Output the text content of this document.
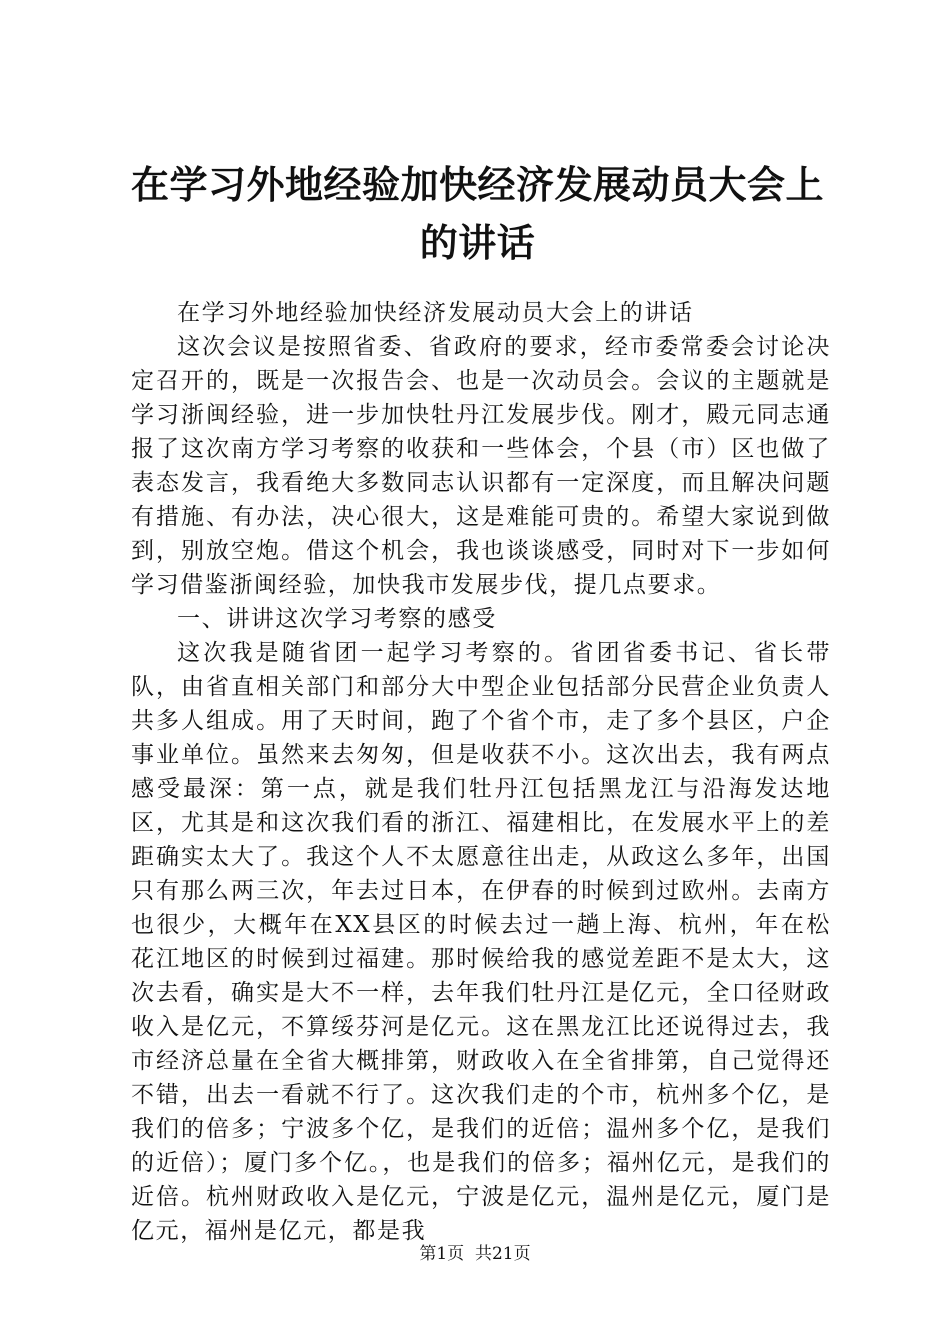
在学习外地经验加快经济发展动员大会上的讲话

在学习外地经验加快经济发展动员大会上的讲话

这次会议是按照省委、省政府的要求，经市委常委会讨论决定召开的，既是一次报告会、也是一次动员会。会议的主题就是学习浙闽经验，进一步加快牡丹江发展步伐。刚才，殿元同志通报了这次南方学习考察的收获和一些体会，个县（市）区也做了表态发言，我看绝大多数同志认识都有一定深度，而且解决问题有措施、有办法，决心很大，这是难能可贵的。希望大家说到做到，别放空炮。借这个机会，我也谈谈感受，同时对下一步如何学习借鉴浙闽经验，加快我市发展步伐，提几点要求。

一、讲讲这次学习考察的感受

这次我是随省团一起学习考察的。省团省委书记、省长带队，由省直相关部门和部分大中型企业包括部分民营企业负责人共多人组成。用了天时间，跑了个省个市，走了多个县区，户企事业单位。虽然来去匆匆，但是收获不小。这次出去，我有两点感受最深：第一点，就是我们牡丹江包括黑龙江与沿海发达地区，尤其是和这次我们看的浙江、福建相比，在发展水平上的差距确实太大了。我这个人不太愿意往出走，从政这么多年，出国只有那么两三次，年去过日本，在伊春的时候到过欧州。去南方也很少，大概年在XX县区的时候去过一趟上海、杭州，年在松花江地区的时候到过福建。那时候给我的感觉差距不是太大，这次去看，确实是大不一样，去年我们牡丹江是亿元，全口径财政收入是亿元，不算绥芬河是亿元。这在黑龙江比还说得过去，我市经济总量在全省大概排第，财政收入在全省排第，自己觉得还不错，出去一看就不行了。这次我们走的个市，杭州多个亿，是我们的倍多；宁波多个亿，是我们的近倍；温州多个亿，是我们的近倍）；厦门多个亿。，也是我们的倍多；福州亿元，是我们的近倍。杭州财政收入是亿元，宁波是亿元，温州是亿元，厦门是亿元，福州是亿元，都是我

第1页  共21页
